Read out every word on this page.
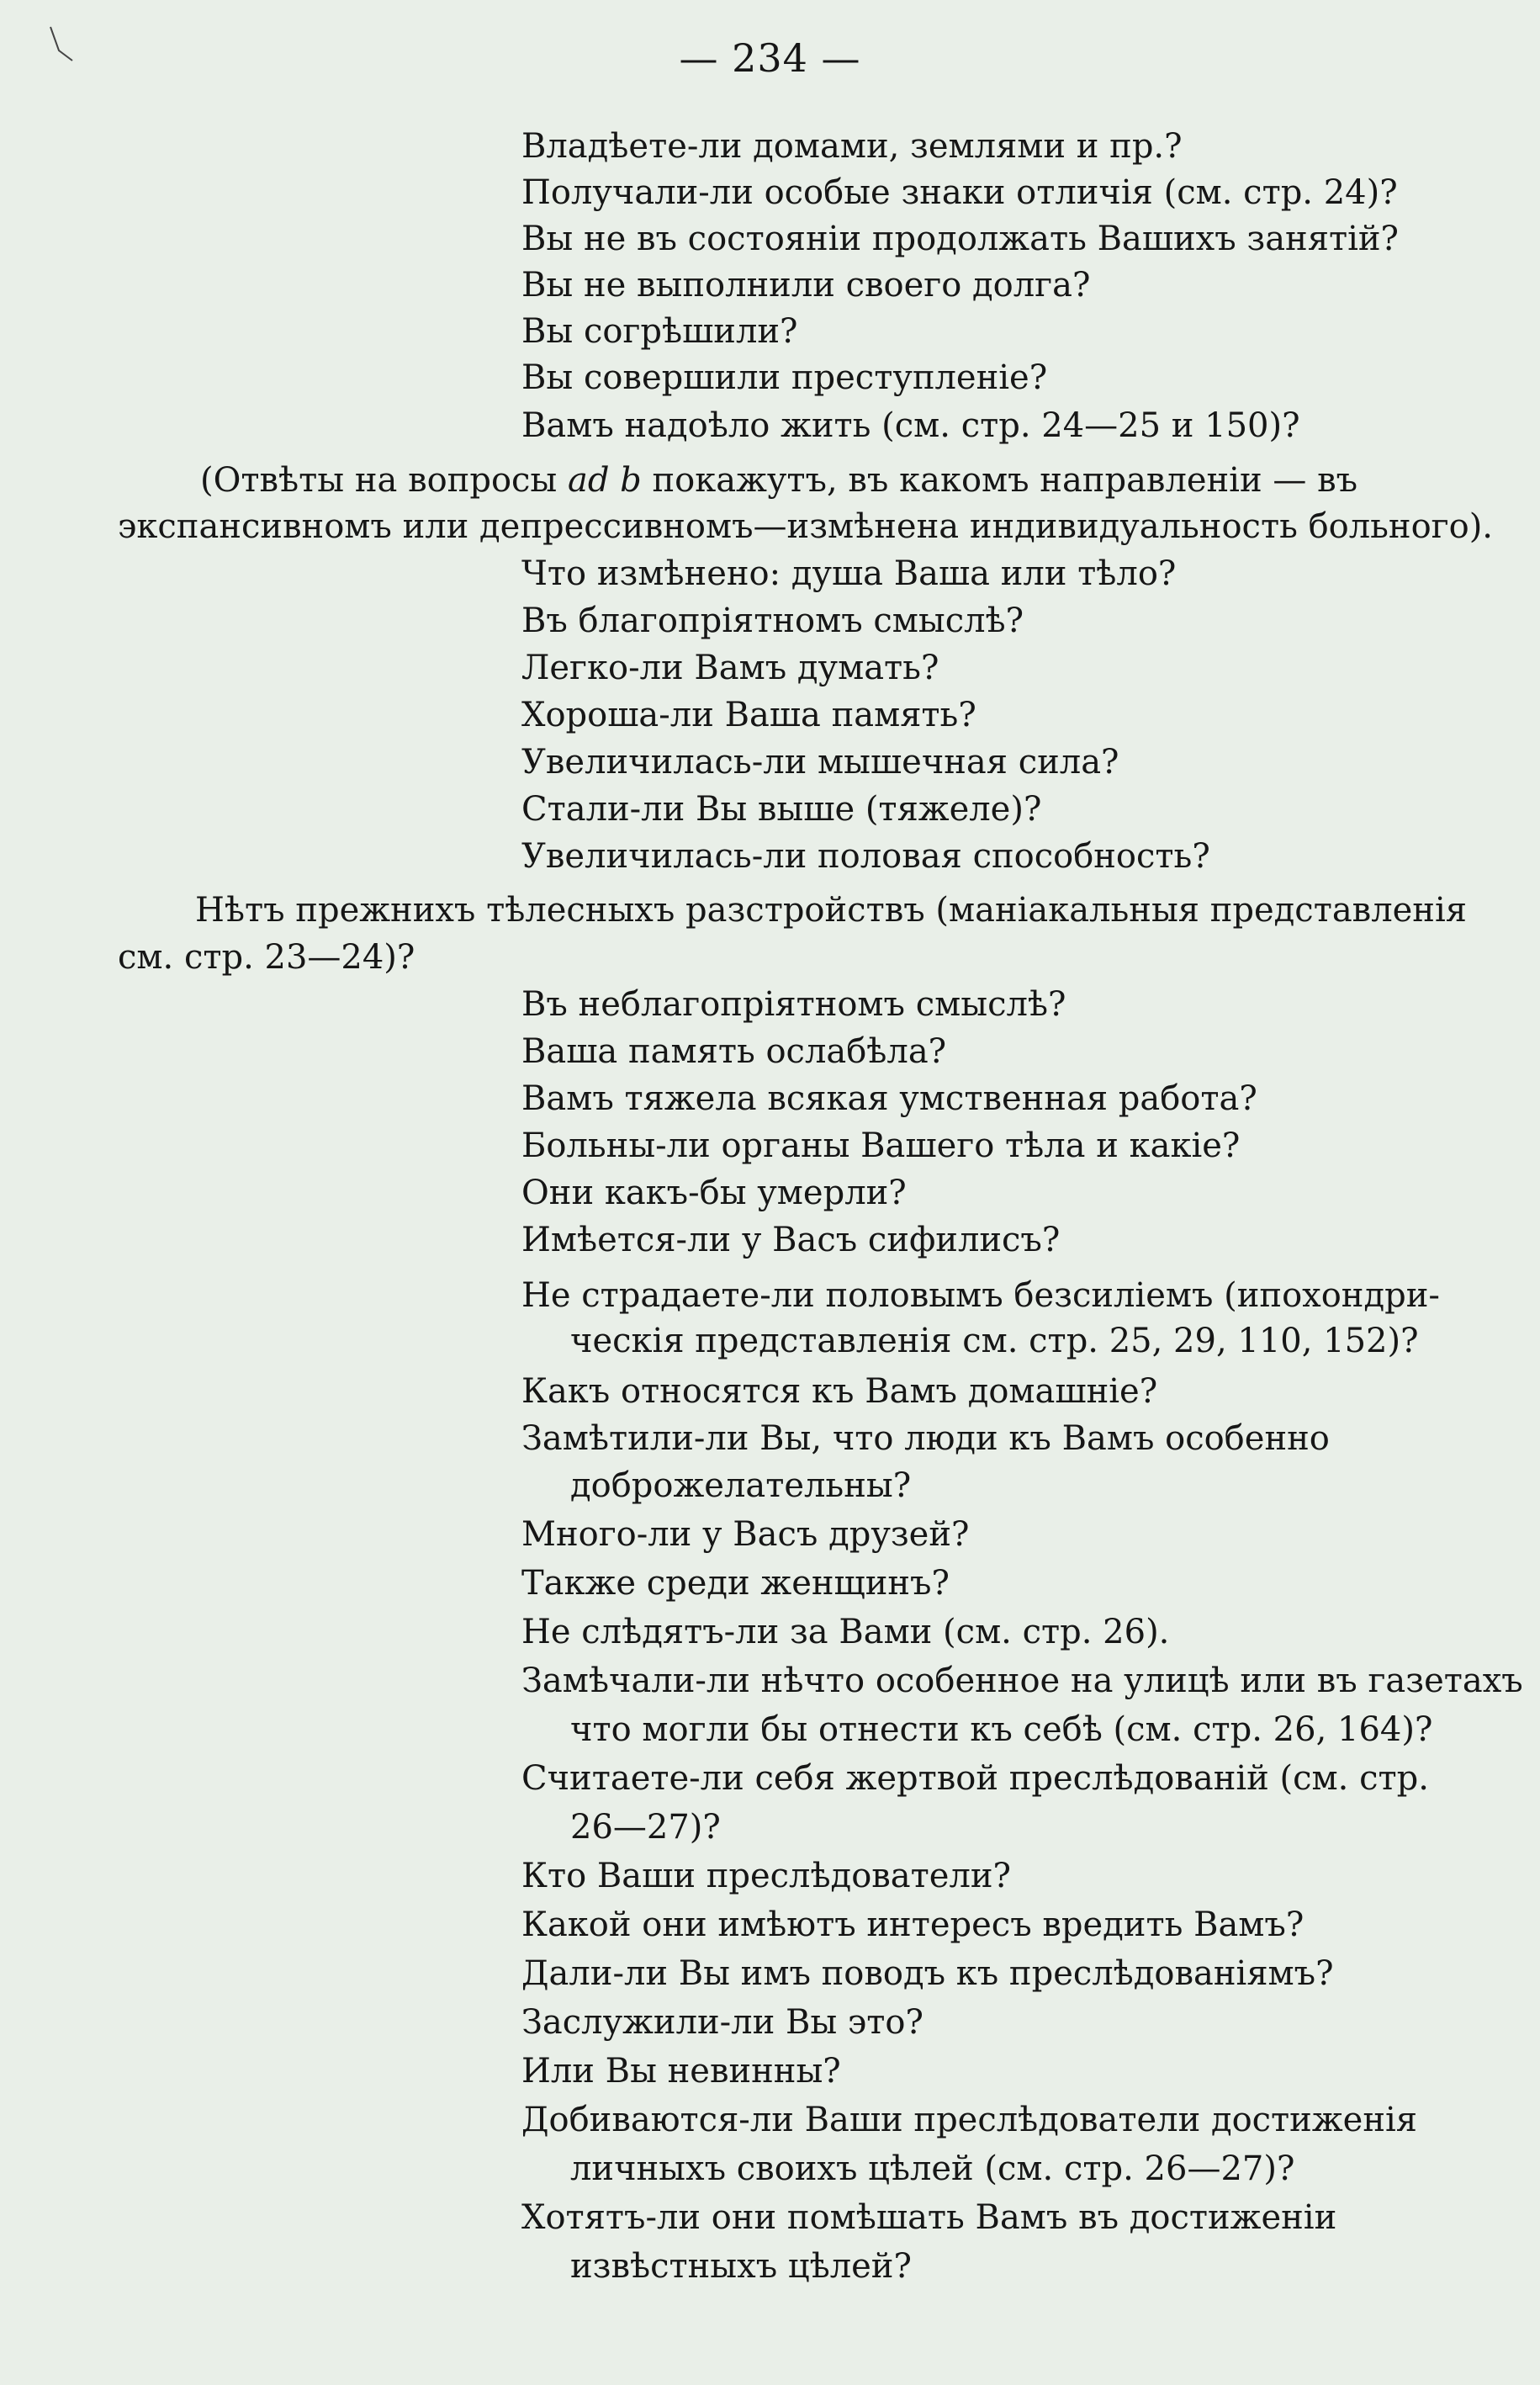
— 234 —
Владѣете-ли домами, землями и пр.?
Получали-ли особые знаки отличія (см. стр. 24)?
Вы не въ состояніи продолжать Вашихъ занятій?
Вы не выполнили своего долга?
Вы согрѣшили?
Вы совершили преступленіе?
Вамъ надоѣло жить (см. стр. 24—25 и 150)?
(Отвѣты на вопросы ad b покажутъ, въ какомъ направленіи — въ
экспансивномъ или депрессивномъ—измѣнена индивидуальность больного).
Что измѣнено: душа Ваша или тѣло?
Въ благопріятномъ смыслѣ?
Легко-ли Вамъ думать?
Хороша-ли Ваша память?
Увеличилась-ли мышечная сила?
Стали-ли Вы выше (тяжеле)?
Увеличилась-ли половая способность?
Нѣтъ прежнихъ тѣлесныхъ разстройствъ (маніакальныя представленія
см. стр. 23—24)?
Въ неблагопріятномъ смыслѣ?
Ваша память ослабѣла?
Вамъ тяжела всякая умственная работа?
Больны-ли органы Вашего тѣла и какіе?
Они какъ-бы умерли?
Имѣется-ли у Васъ сифилисъ?
Не страдаете-ли половымъ безсиліемъ (ипохондри-
ческія представленія см. стр. 25, 29, 110, 152)?
Какъ относятся къ Вамъ домашніе?
Замѣтили-ли Вы, что люди къ Вамъ особенно
доброжелательны?
Много-ли у Васъ друзей?
Также среди женщинъ?
Не слѣдятъ-ли за Вами (см. стр. 26).
Замѣчали-ли нѣчто особенное на улицѣ или въ газетахъ
что могли бы отнести къ себѣ (см. стр. 26, 164)?
Считаете-ли себя жертвой преслѣдованій (см. стр.
26—27)?
Кто Ваши преслѣдователи?
Какой они имѣютъ интересъ вредить Вамъ?
Дали-ли Вы имъ поводъ къ преслѣдованіямъ?
Заслужили-ли Вы это?
Или Вы невинны?
Добиваются-ли Ваши преслѣдователи достиженія
личныхъ своихъ цѣлей (см. стр. 26—27)?
Хотятъ-ли они помѣшать Вамъ въ достиженіи
извѣстныхъ цѣлей?
